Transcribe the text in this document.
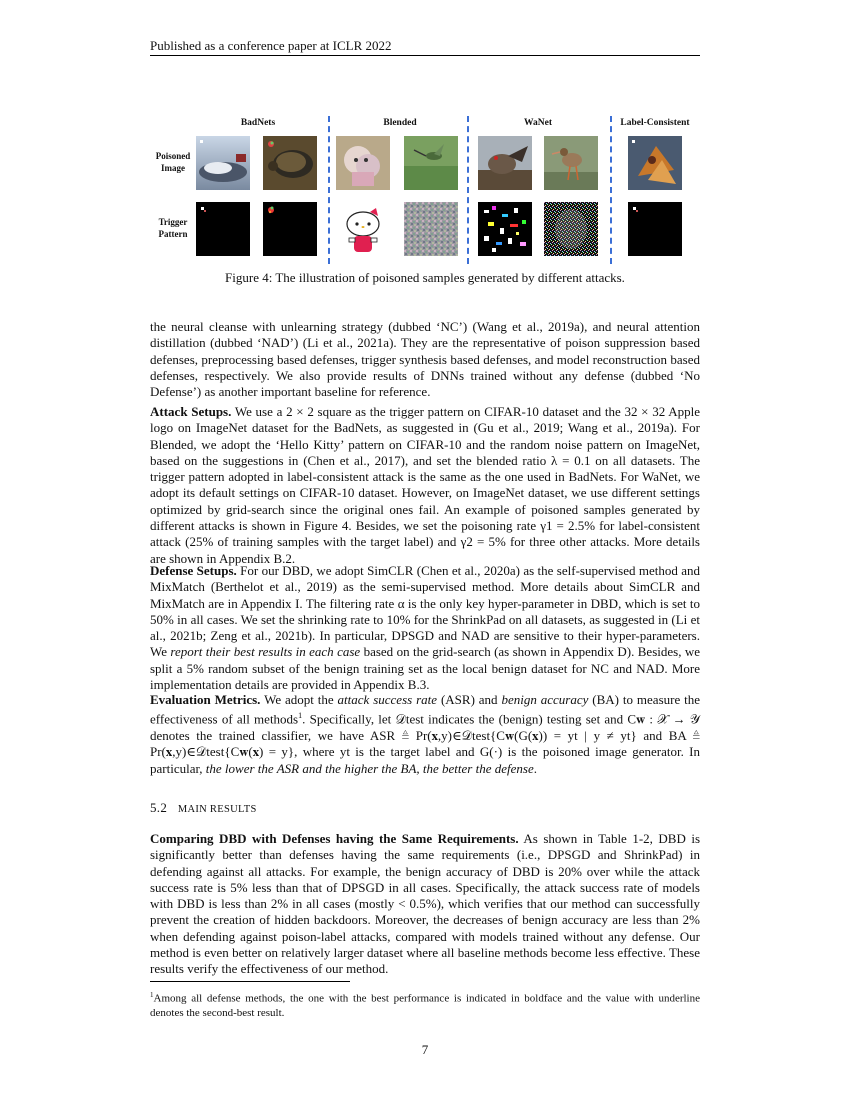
Published as a conference paper at ICLR 2022
BadNets	Blended	WaNet	Label-Consistent
Poisoned Image
Trigger Pattern
Figure 4: The illustration of poisoned samples generated by different attacks.
the neural cleanse with unlearning strategy (dubbed ‘NC’) (Wang et al., 2019a), and neural attention distillation (dubbed ‘NAD’) (Li et al., 2021a). They are the representative of poison suppression based defenses, preprocessing based defenses, trigger synthesis based defenses, and model reconstruction based defenses, respectively. We also provide results of DNNs trained without any defense (dubbed ‘No Defense’) as another important baseline for reference.
Attack Setups. We use a 2 × 2 square as the trigger pattern on CIFAR-10 dataset and the 32 × 32 Apple logo on ImageNet dataset for the BadNets, as suggested in (Gu et al., 2019; Wang et al., 2019a). For Blended, we adopt the ‘Hello Kitty’ pattern on CIFAR-10 and the random noise pattern on ImageNet, based on the suggestions in (Chen et al., 2017), and set the blended ratio λ = 0.1 on all datasets. The trigger pattern adopted in label-consistent attack is the same as the one used in BadNets. For WaNet, we adopt its default settings on CIFAR-10 dataset. However, on ImageNet dataset, we use different settings optimized by grid-search since the original ones fail. An example of poisoned samples generated by different attacks is shown in Figure 4. Besides, we set the poisoning rate γ1 = 2.5% for label-consistent attack (25% of training samples with the target label) and γ2 = 5% for three other attacks. More details are shown in Appendix B.2.
Defense Setups. For our DBD, we adopt SimCLR (Chen et al., 2020a) as the self-supervised method and MixMatch (Berthelot et al., 2019) as the semi-supervised method. More details about SimCLR and MixMatch are in Appendix I. The filtering rate α is the only key hyper-parameter in DBD, which is set to 50% in all cases. We set the shrinking rate to 10% for the ShrinkPad on all datasets, as suggested in (Li et al., 2021b; Zeng et al., 2021b). In particular, DPSGD and NAD are sensitive to their hyper-parameters. We report their best results in each case based on the grid-search (as shown in Appendix D). Besides, we split a 5% random subset of the benign training set as the local benign dataset for NC and NAD. More implementation details are provided in Appendix B.3.
Evaluation Metrics. We adopt the attack success rate (ASR) and benign accuracy (BA) to measure the effectiveness of all methods$^1$. Specifically, let 𝒟test indicates the (benign) testing set and C𝐰 : 𝒳 → 𝒴 denotes the trained classifier, we have ASR ≜ Pr(𝐱,y)∈𝒟test{C𝐰(G(𝐱)) = yt | y ≠ yt} and BA ≜ Pr(𝐱,y)∈𝒟test{C𝐰(𝐱) = y}, where yt is the target label and G(·) is the poisoned image generator. In particular, the lower the ASR and the higher the BA, the better the defense.
5.2 MAIN RESULTS
Comparing DBD with Defenses having the Same Requirements. As shown in Table 1-2, DBD is significantly better than defenses having the same requirements (i.e., DPSGD and ShrinkPad) in defending against all attacks. For example, the benign accuracy of DBD is 20% over while the attack success rate is 5% less than that of DPSGD in all cases. Specifically, the attack success rate of models with DBD is less than 2% in all cases (mostly < 0.5%), which verifies that our method can successfully prevent the creation of hidden backdoors. Moreover, the decreases of benign accuracy are less than 2% when defending against poison-label attacks, compared with models trained without any defense. Our method is even better on relatively larger dataset where all baseline methods become less effective. These results verify the effectiveness of our method.
$^1$Among all defense methods, the one with the best performance is indicated in boldface and the value with underline denotes the second-best result.
7
